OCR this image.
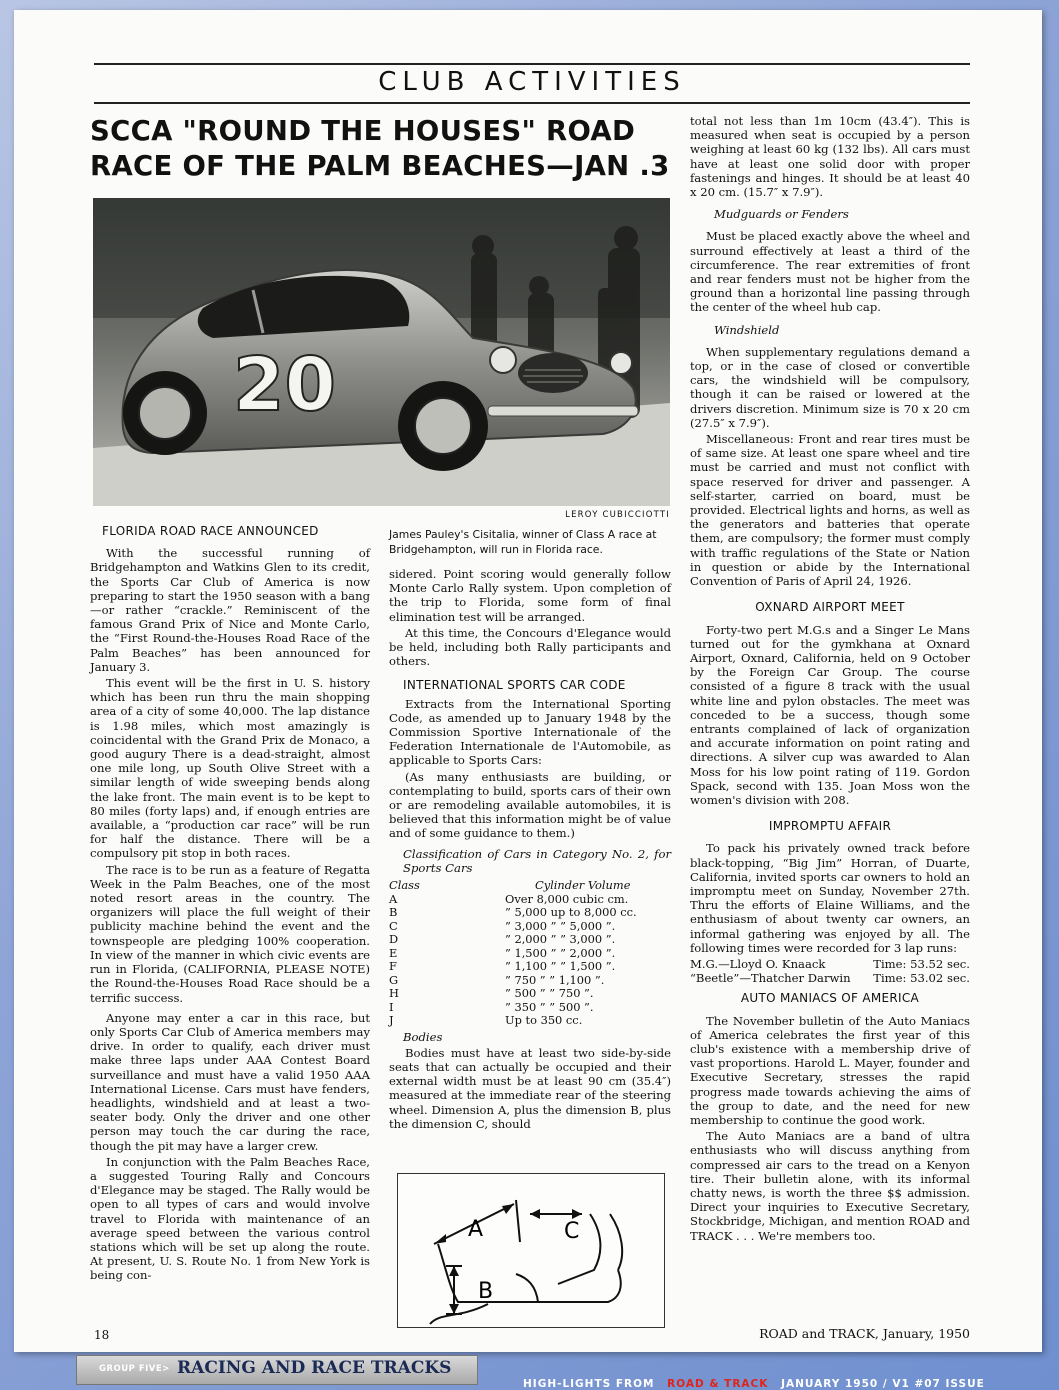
CLUB ACTIVITIES
SCCA "ROUND THE HOUSES" ROAD RACE OF THE PALM BEACHES—JAN .3
20
LEROY CUBICCIOTTI
FLORIDA ROAD RACE ANNOUNCED

With the successful running of Bridgehampton and Watkins Glen to its credit, the Sports Car Club of America is now preparing to start the 1950 season with a bang—or rather “crackle.” Reminiscent of the famous Grand Prix of Nice and Monte Carlo, the “First Round-the-Houses Road Race of the Palm Beaches” has been announced for January 3.

This event will be the first in U. S. history which has been run thru the main shopping area of a city of some 40,000. The lap distance is 1.98 miles, which most amazingly is coincidental with the Grand Prix de Monaco, a good augury There is a dead-straight, almost one mile long, up South Olive Street with a similar length of wide sweeping bends along the lake front. The main event is to be kept to 80 miles (forty laps) and, if enough entries are available, a “production car race” will be run for half the distance. There will be a compulsory pit stop in both races.

The race is to be run as a feature of Regatta Week in the Palm Beaches, one of the most noted resort areas in the country. The organizers will place the full weight of their publicity machine behind the event and the townspeople are pledging 100% cooperation. In view of the manner in which civic events are run in Florida, (CALIFORNIA, PLEASE NOTE) the Round-the-Houses Road Race should be a terrific success.

Anyone may enter a car in this race, but only Sports Car Club of America members may drive. In order to qualify, each driver must make three laps under AAA Contest Board surveillance and must have a valid 1950 AAA International License. Cars must have fenders, headlights, windshield and at least a two-seater body. Only the driver and one other person may touch the car during the race, though the pit may have a larger crew.

In conjunction with the Palm Beaches Race, a suggested Touring Rally and Concours d'Elegance may be staged. The Rally would be open to all types of cars and would involve travel to Florida with maintenance of an average speed between the various control stations which will be set up along the route. At present, U. S. Route No. 1 from New York is being con-

James Pauley's Cisitalia, winner of Class A race at Bridgehampton, will run in Florida race.

sidered. Point scoring would generally follow Monte Carlo Rally system. Upon completion of the trip to Florida, some form of final elimination test will be arranged.

At this time, the Concours d'Elegance would be held, including both Rally participants and others.

INTERNATIONAL SPORTS CAR CODE

Extracts from the International Sporting Code, as amended up to January 1948 by the Commission Sportive Internationale of the Federation Internationale de l'Automobile, as applicable to Sports Cars:

(As many enthusiasts are building, or contemplating to build, sports cars of their own or are remodeling available automobiles, it is believed that this information might be of value and of some guidance to them.)

Classification of Cars in Category No. 2, for Sports Cars

Class	Cylinder Volume
A	Over 8,000 cubic cm.
B	” 5,000 up to 8,000 cc.
C	” 3,000 ” ” 5,000 ”.
D	” 2,000 ” ” 3,000 ”.
E	” 1,500 ” ” 2,000 ”.
F	” 1,100 ” ” 1,500 ”.
G	” 750 ” ” 1,100 ”.
H	” 500 ” ” 750 ”.
I	” 350 ” ” 500 ”.
J	Up to 350 cc.

Bodies

Bodies must have at least two side-by-side seats that can actually be occupied and their external width must be at least 90 cm (35.4″) measured at the immediate rear of the steering wheel. Dimension A, plus the dimension B, plus the dimension C, should

A	C
B

total not less than 1m 10cm (43.4″). This is measured when seat is occupied by a person weighing at least 60 kg (132 lbs). All cars must have at least one solid door with proper fastenings and hinges. It should be at least 40 x 20 cm. (15.7″ x 7.9″).

Mudguards or Fenders

Must be placed exactly above the wheel and surround effectively at least a third of the circumference. The rear extremities of front and rear fenders must not be higher from the ground than a horizontal line passing through the center of the wheel hub cap.

Windshield

When supplementary regulations demand a top, or in the case of closed or convertible cars, the windshield will be compulsory, though it can be raised or lowered at the drivers discretion. Minimum size is 70 x 20 cm (27.5″ x 7.9″).

Miscellaneous: Front and rear tires must be of same size. At least one spare wheel and tire must be carried and must not conflict with space reserved for driver and passenger. A self-starter, carried on board, must be provided. Electrical lights and horns, as well as the generators and batteries that operate them, are compulsory; the former must comply with traffic regulations of the State or Nation in question or abide by the International Convention of Paris of April 24, 1926.

OXNARD AIRPORT MEET

Forty-two pert M.G.s and a Singer Le Mans turned out for the gymkhana at Oxnard Airport, Oxnard, California, held on 9 October by the Foreign Car Group. The course consisted of a figure 8 track with the usual white line and pylon obstacles. The meet was conceded to be a success, though some entrants complained of lack of organization and accurate information on point rating and directions. A silver cup was awarded to Alan Moss for his low point rating of 119. Gordon Spack, second with 135. Joan Moss won the women's division with 208.

IMPROMPTU AFFAIR

To pack his privately owned track before black-topping, “Big Jim” Horran, of Duarte, California, invited sports car owners to hold an impromptu meet on Sunday, November 27th. Thru the efforts of Elaine Williams, and the enthusiasm of about twenty car owners, an informal gathering was enjoyed by all. The following times were recorded for 3 lap runs:

M.G.—Lloyd O. Knaack	Time: 53.52 sec.
“Beetle”—Thatcher Darwin Time: 53.02 sec.
AUTO MANIACS OF AMERICA

The November bulletin of the Auto Maniacs of America celebrates the first year of this club's existence with a membership drive of vast proportions. Harold L. Mayer, founder and Executive Secretary, stresses the rapid progress made towards achieving the aims of the group to date, and the need for new membership to continue the good work.

The Auto Maniacs are a band of ultra enthusiasts who will discuss anything from compressed air cars to the tread on a Kenyon tire. Their bulletin alone, with its informal chatty news, is worth the three $$ admission. Direct your inquiries to Executive Secretary, Stockbridge, Michigan, and mention ROAD and TRACK . . . We're members too.

18	ROAD and TRACK, January, 1950
GROUP FIVE> RACING AND RACE TRACKS
HIGH-LIGHTS FROM ROAD & TRACK JANUARY 1950 / V1 #07 ISSUE
